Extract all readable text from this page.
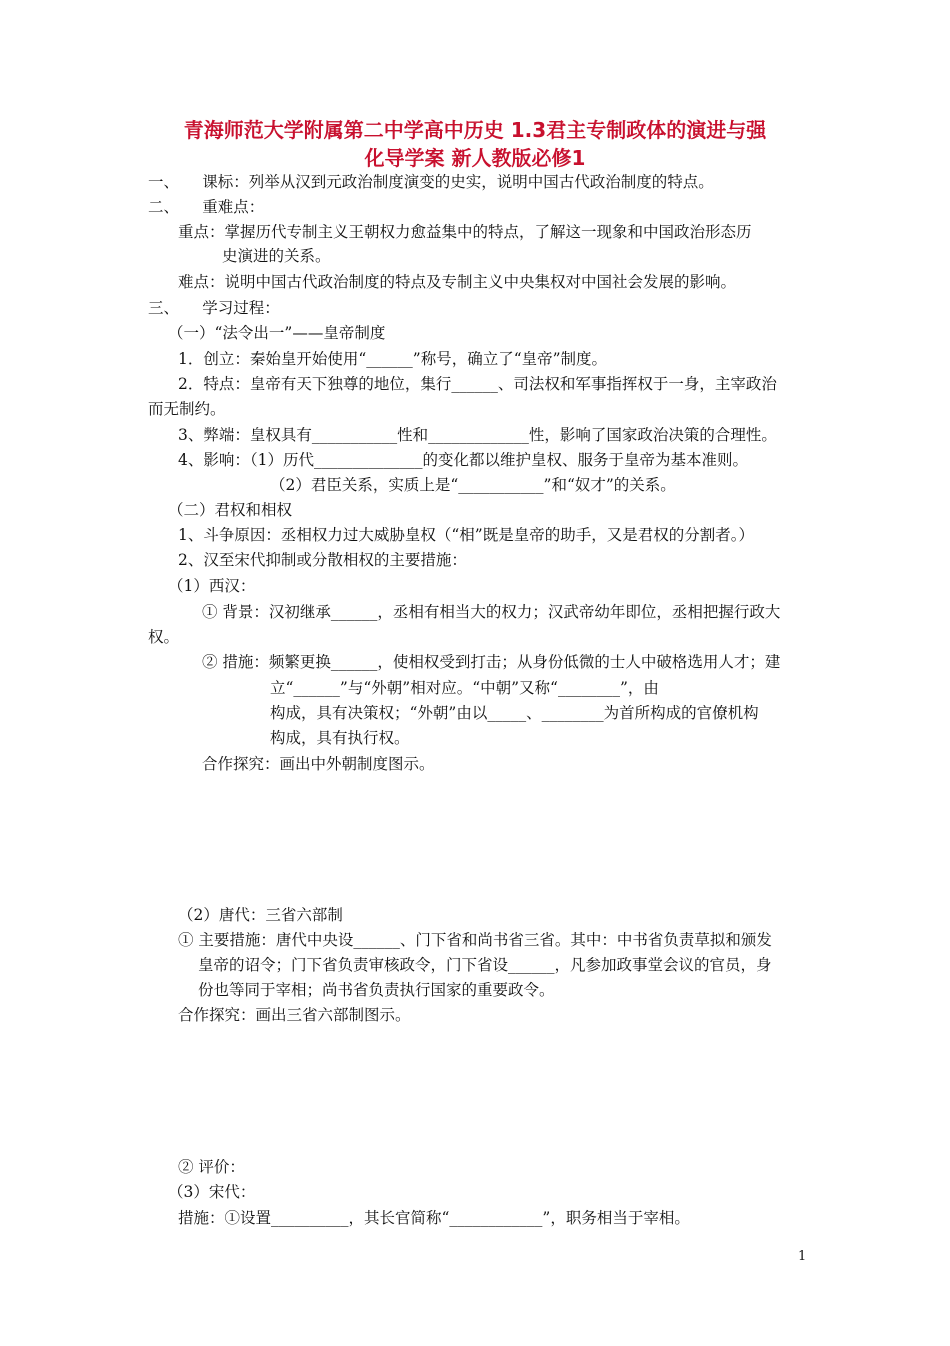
青海师范大学附属第二中学高中历史 1.3君主专制政体的演进与强
化导学案 新人教版必修1
一、　　课标：列举从汉到元政治制度演变的史实，说明中国古代政治制度的特点。
二、　　重难点：
重点：掌握历代专制主义王朝权力愈益集中的特点，了解这一现象和中国政治形态历
史演进的关系。
难点：说明中国古代政治制度的特点及专制主义中央集权对中国社会发展的影响。
三、　　学习过程：
（一）“法令出一”——皇帝制度
1．创立：秦始皇开始使用“______”称号，确立了“皇帝”制度。
2．特点：皇帝有天下独尊的地位，集行______、司法权和军事指挥权于一身，主宰政治
而无制约。
3、弊端：皇权具有___________性和_____________性，影响了国家政治决策的合理性。
4、影响：（1）历代______________的变化都以维护皇权、服务于皇帝为基本准则。
（2）君臣关系，实质上是“___________”和“奴才”的关系。
（二）君权和相权
1、斗争原因：丞相权力过大威胁皇权（“相”既是皇帝的助手，又是君权的分割者。）
2、汉至宋代抑制或分散相权的主要措施：
（1）西汉：
① 背景：汉初继承______，丞相有相当大的权力；汉武帝幼年即位，丞相把握行政大
权。
② 措施：频繁更换______，使相权受到打击；从身份低微的士人中破格选用人才；建
立“______”与“外朝”相对应。“中朝”又称“________”，由
构成，具有决策权；“外朝”由以_____、________为首所构成的官僚机构
构成，具有执行权。
合作探究：画出中外朝制度图示。
（2）唐代：三省六部制
① 主要措施：唐代中央设______、门下省和尚书省三省。其中：中书省负责草拟和颁发
皇帝的诏令；门下省负责审核政令，门下省设______，凡参加政事堂会议的官员，身
份也等同于宰相；尚书省负责执行国家的重要政令。
合作探究：画出三省六部制图示。
② 评价：
（3）宋代：
措施：①设置__________，其长官简称“____________”，职务相当于宰相。
1
